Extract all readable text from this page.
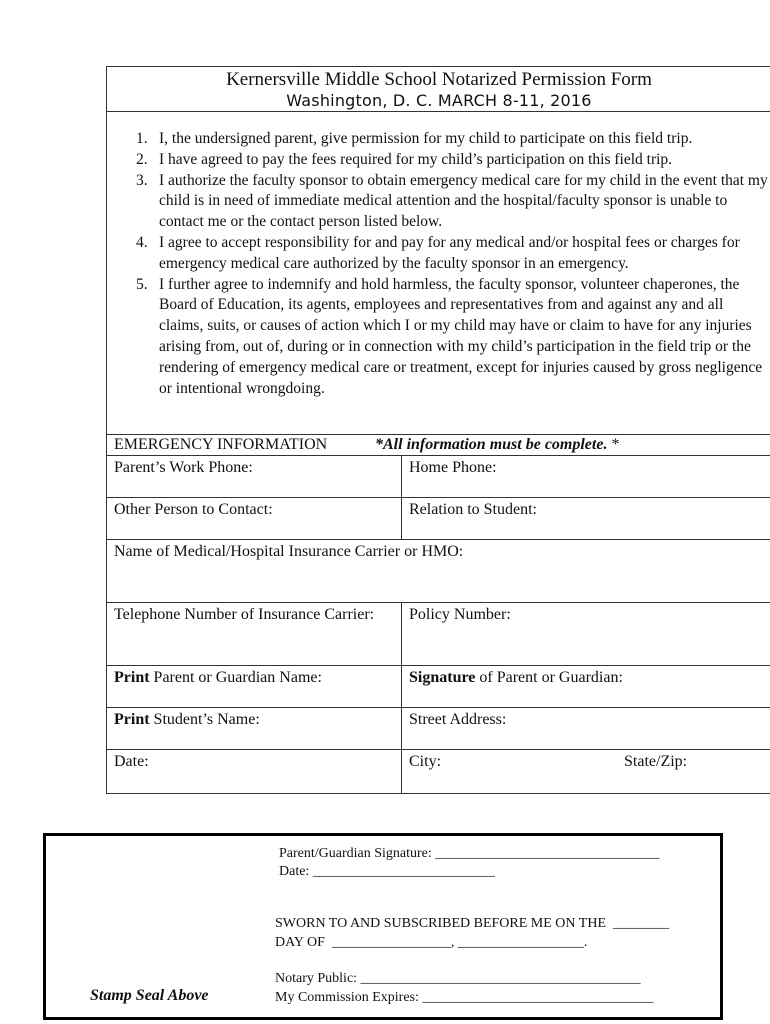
Kernersville Middle School Notarized Permission Form
Washington, D. C. MARCH 8-11, 2016
1. I, the undersigned parent, give permission for my child to participate on this field trip.
2. I have agreed to pay the fees required for my child’s participation on this field trip.
3. I authorize the faculty sponsor to obtain emergency medical care for my child in the event that my child is in need of immediate medical attention and the hospital/faculty sponsor is unable to contact me or the contact person listed below.
4. I agree to accept responsibility for and pay for any medical and/or hospital fees or charges for emergency medical care authorized by the faculty sponsor in an emergency.
5. I further agree to indemnify and hold harmless, the faculty sponsor, volunteer chaperones, the Board of Education, its agents, employees and representatives from and against any and all claims, suits, or causes of action which I or my child may have or claim to have for any injuries arising from, out of, during or in connection with my child’s participation in the field trip or the rendering of emergency medical care or treatment, except for injuries caused by gross negligence or intentional wrongdoing.
EMERGENCY INFORMATION	*All information must be complete. *
Parent’s Work Phone:	Home Phone:
Other Person to Contact:	Relation to Student:
Name of Medical/Hospital Insurance Carrier or HMO:
Telephone Number of Insurance Carrier:	Policy Number:
Print Parent or Guardian Name:	Signature of Parent or Guardian:
Print Student’s Name:	Street Address:
Date:	City:	State/Zip:
Parent/Guardian Signature: ________________________________
Date: __________________________
SWORN TO AND SUBSCRIBED BEFORE ME ON THE  ________
DAY OF  _________________, __________________.
Notary Public: ________________________________________
My Commission Expires: _________________________________
Stamp Seal Above
